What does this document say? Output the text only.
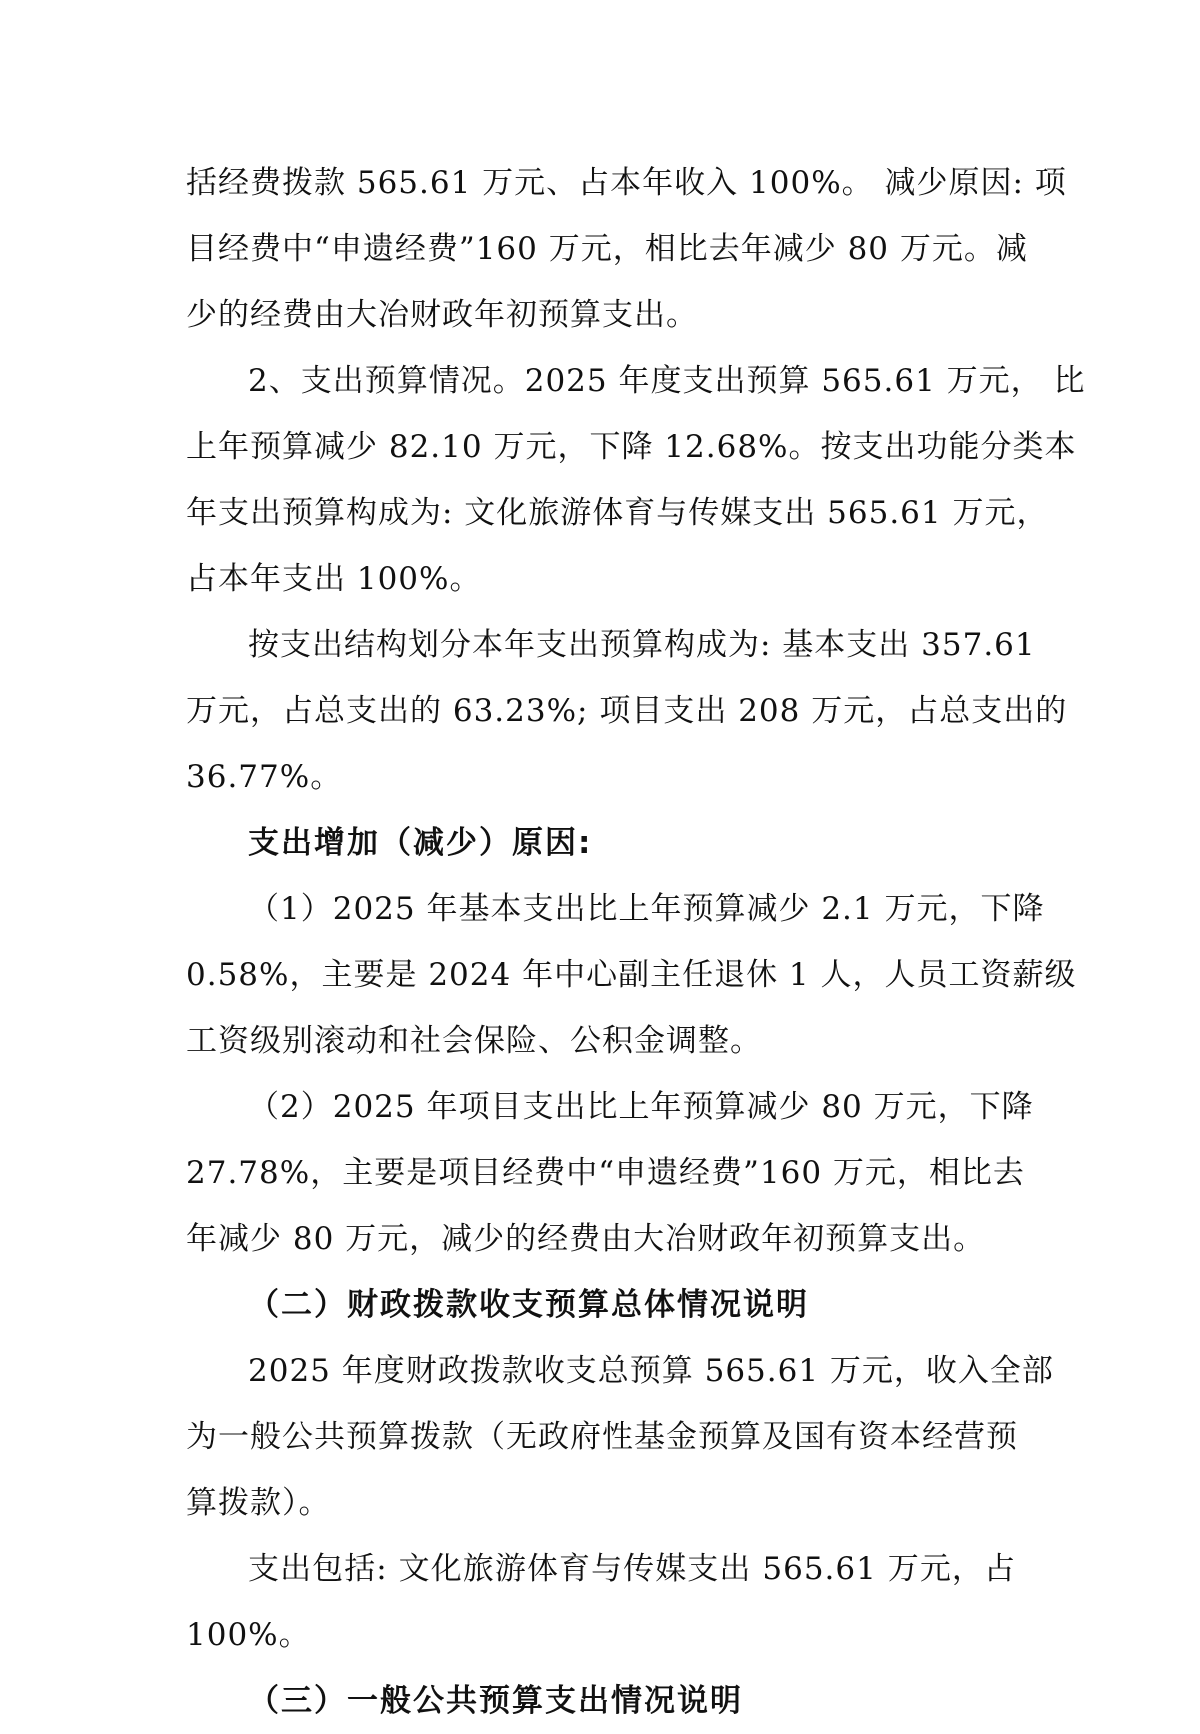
括经费拨款 565.61 万元、占本年收入 100%。 减少原因: 项
目经费中“申遗经费”160 万元，相比去年减少 80 万元。减
少的经费由大冶财政年初预算支出。
2、支出预算情况。2025 年度支出预算 565.61 万元， 比
上年预算减少 82.10 万元，下降 12.68%。按支出功能分类本
年支出预算构成为: 文化旅游体育与传媒支出 565.61 万元，
占本年支出 100%。
按支出结构划分本年支出预算构成为: 基本支出 357.61
万元，占总支出的 63.23%; 项目支出 208 万元，占总支出的
36.77%。
支出增加（减少）原因:
（1）2025 年基本支出比上年预算减少 2.1 万元，下降
0.58%，主要是 2024 年中心副主任退休 1 人，人员工资薪级
工资级别滚动和社会保险、公积金调整。
（2）2025 年项目支出比上年预算减少 80 万元，下降
27.78%，主要是项目经费中“申遗经费”160 万元，相比去
年减少 80 万元，减少的经费由大冶财政年初预算支出。
（二）财政拨款收支预算总体情况说明
2025 年度财政拨款收支总预算 565.61 万元，收入全部
为一般公共预算拨款（无政府性基金预算及国有资本经营预
算拨款）。
支出包括: 文化旅游体育与传媒支出 565.61 万元，占
100%。
（三）一般公共预算支出情况说明
